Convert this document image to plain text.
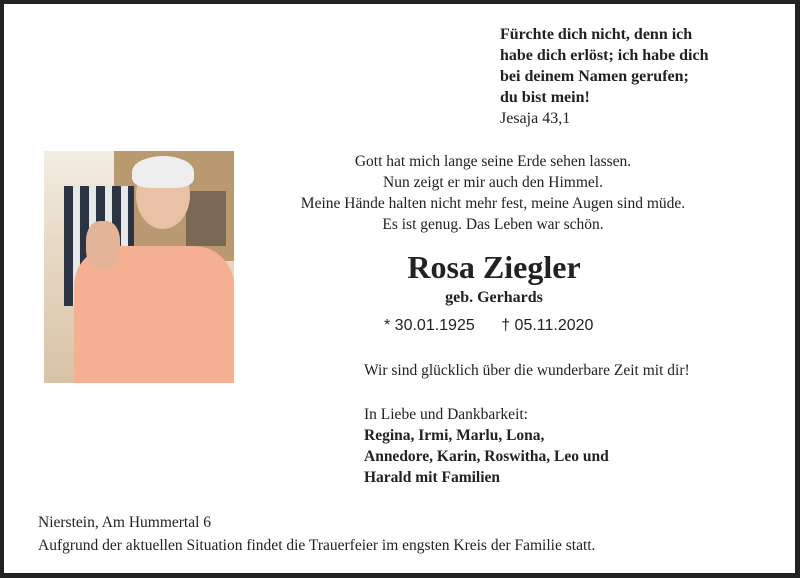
Fürchte dich nicht, denn ich
habe dich erlöst; ich habe dich
bei deinem Namen gerufen;
du bist mein!
Jesaja 43,1
Gott hat mich lange seine Erde sehen lassen.
Nun zeigt er mir auch den Himmel.
Meine Hände halten nicht mehr fest, meine Augen sind müde.
Es ist genug. Das Leben war schön.
Rosa Ziegler
geb. Gerhards
* 30.01.1925 † 05.11.2020
Wir sind glücklich über die wunderbare Zeit mit dir!
In Liebe und Dankbarkeit:
Regina, Irmi, Marlu, Lona,
Annedore, Karin, Roswitha, Leo und
Harald mit Familien
Nierstein, Am Hummertal 6
Aufgrund der aktuellen Situation findet die Trauerfeier im engsten Kreis der Familie statt.
